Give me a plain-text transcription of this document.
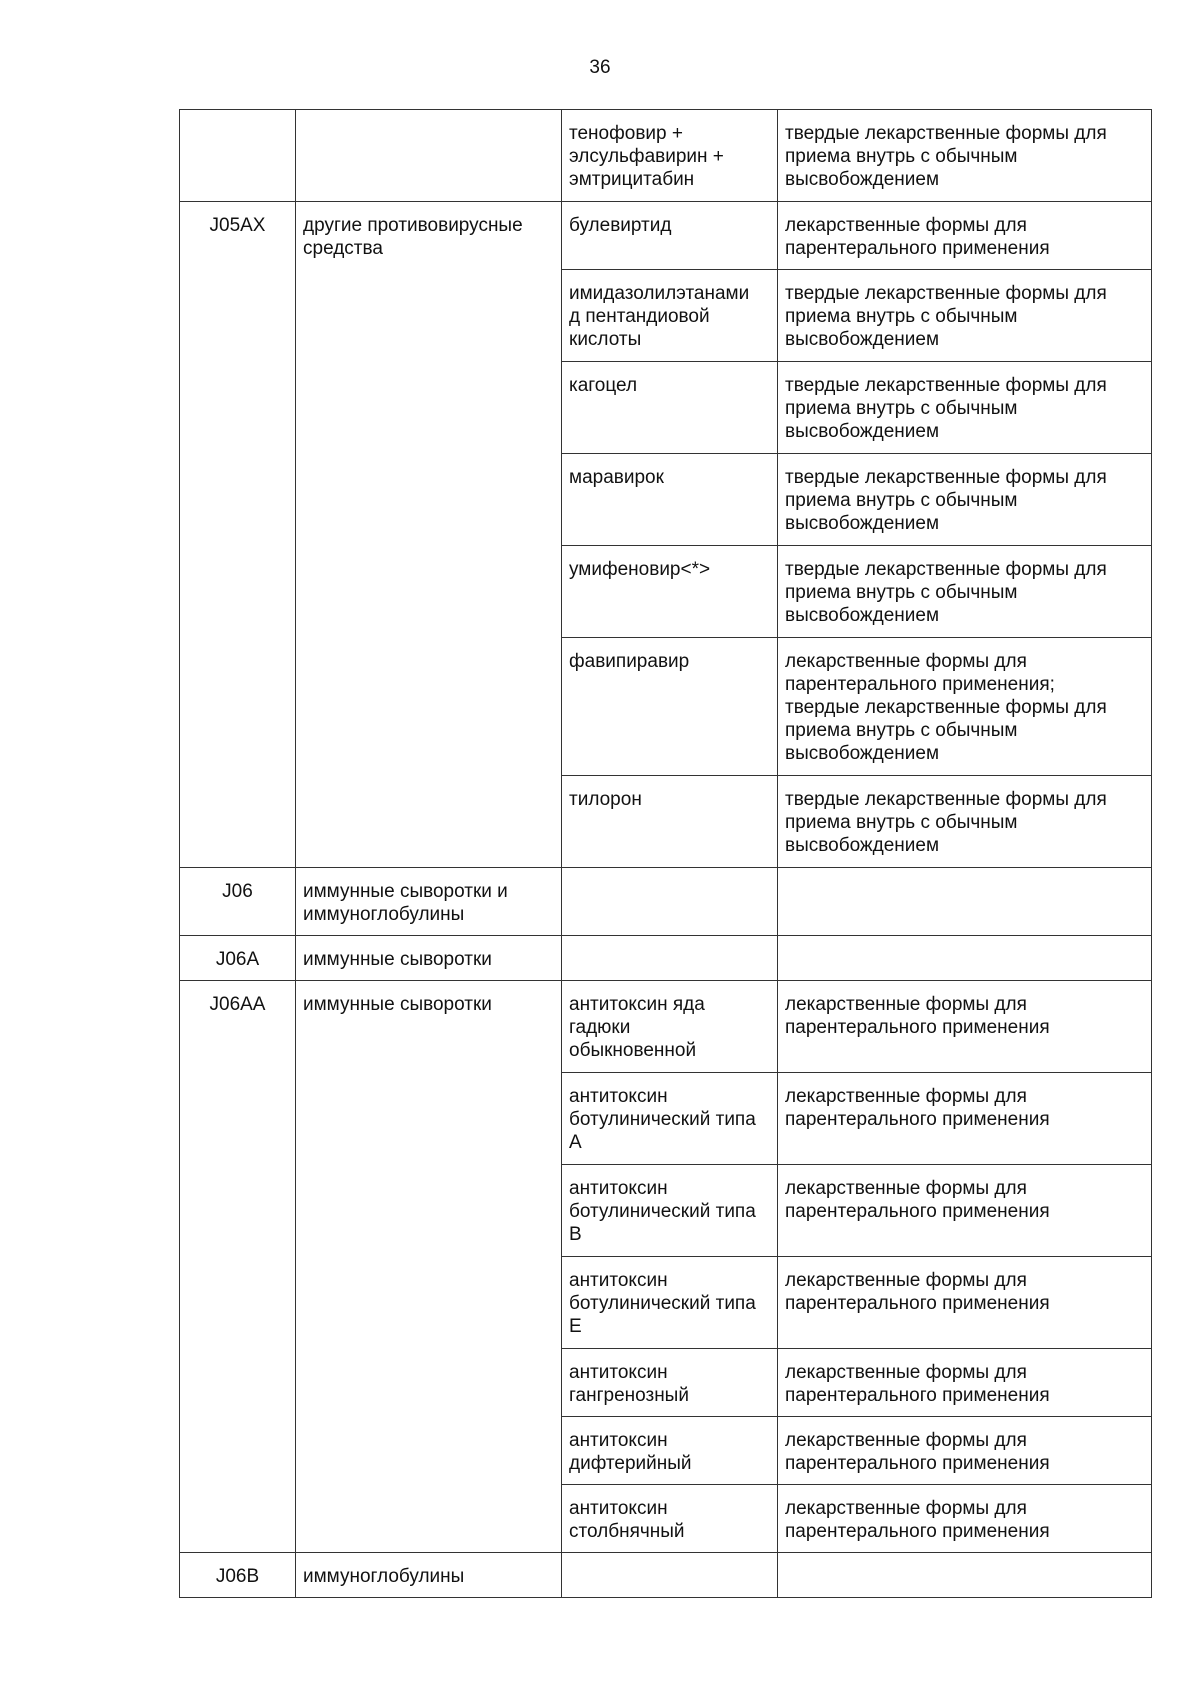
36

		тенофовир +
элсульфавирин +
эмтрицитабин	твердые лекарственные формы для
приема внутрь с обычным
высвобождением

J05AX	другие противовирусные
средства	булевиртид	лекарственные формы для
парентерального применения

		имидазолилэтанами
д пентандиовой
кислоты	твердые лекарственные формы для
приема внутрь с обычным
высвобождением

		кагоцел	твердые лекарственные формы для
приема внутрь с обычным
высвобождением

		маравирок	твердые лекарственные формы для
приема внутрь с обычным
высвобождением

		умифеновир<*>	твердые лекарственные формы для
приема внутрь с обычным
высвобождением

		фавипиравир	лекарственные формы для
парентерального применения;
твердые лекарственные формы для
приема внутрь с обычным
высвобождением

		тилорон	твердые лекарственные формы для
приема внутрь с обычным
высвобождением

J06	иммунные сыворотки и
иммуноглобулины		

J06A	иммунные сыворотки		

J06AA	иммунные сыворотки	антитоксин яда
гадюки
обыкновенной	лекарственные формы для
парентерального применения

		антитоксин
ботулинический типа
A	лекарственные формы для
парентерального применения

		антитоксин
ботулинический типа
B	лекарственные формы для
парентерального применения

		антитоксин
ботулинический типа
E	лекарственные формы для
парентерального применения

		антитоксин
гангренозный	лекарственные формы для
парентерального применения

		антитоксин
дифтерийный	лекарственные формы для
парентерального применения

		антитоксин
столбнячный	лекарственные формы для
парентерального применения

J06B	иммуноглобулины		
